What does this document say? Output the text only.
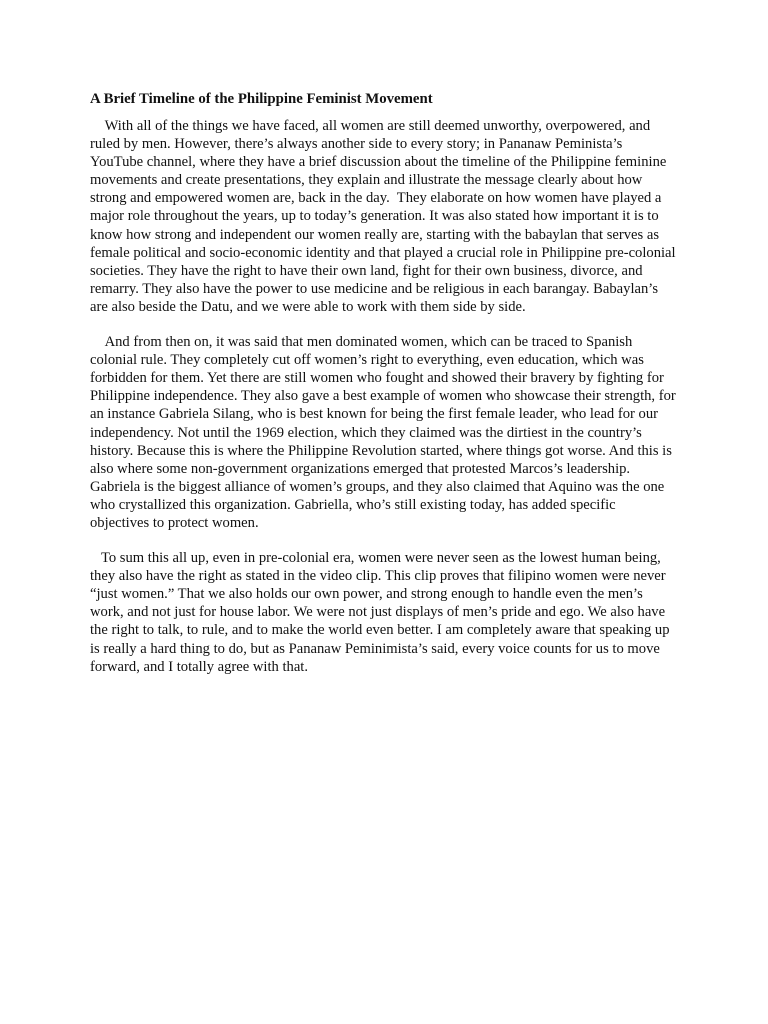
A Brief Timeline of the Philippine Feminist Movement

With all of the things we have faced, all women are still deemed unworthy, overpowered, and ruled by men. However, there’s always another side to every story; in Pananaw Peminista’s YouTube channel, where they have a brief discussion about the timeline of the Philippine feminine movements and create presentations, they explain and illustrate the message clearly about how strong and empowered women are, back in the day.  They elaborate on how women have played a major role throughout the years, up to today’s generation. It was also stated how important it is to know how strong and independent our women really are, starting with the babaylan that serves as female political and socio-economic identity and that played a crucial role in Philippine pre-colonial societies. They have the right to have their own land, fight for their own business, divorce, and remarry. They also have the power to use medicine and be religious in each barangay. Babaylan’s are also beside the Datu, and we were able to work with them side by side.

And from then on, it was said that men dominated women, which can be traced to Spanish colonial rule. They completely cut off women’s right to everything, even education, which was forbidden for them. Yet there are still women who fought and showed their bravery by fighting for Philippine independence. They also gave a best example of women who showcase their strength, for an instance Gabriela Silang, who is best known for being the first female leader, who lead for our independency. Not until the 1969 election, which they claimed was the dirtiest in the country’s history. Because this is where the Philippine Revolution started, where things got worse. And this is also where some non-government organizations emerged that protested Marcos’s leadership. Gabriela is the biggest alliance of women’s groups, and they also claimed that Aquino was the one who crystallized this organization. Gabriella, who’s still existing today, has added specific objectives to protect women.

To sum this all up, even in pre-colonial era, women were never seen as the lowest human being, they also have the right as stated in the video clip. This clip proves that filipino women were never “just women.” That we also holds our own power, and strong enough to handle even the men’s work, and not just for house labor. We were not just displays of men’s pride and ego. We also have the right to talk, to rule, and to make the world even better. I am completely aware that speaking up is really a hard thing to do, but as Pananaw Peminimista’s said, every voice counts for us to move forward, and I totally agree with that.
